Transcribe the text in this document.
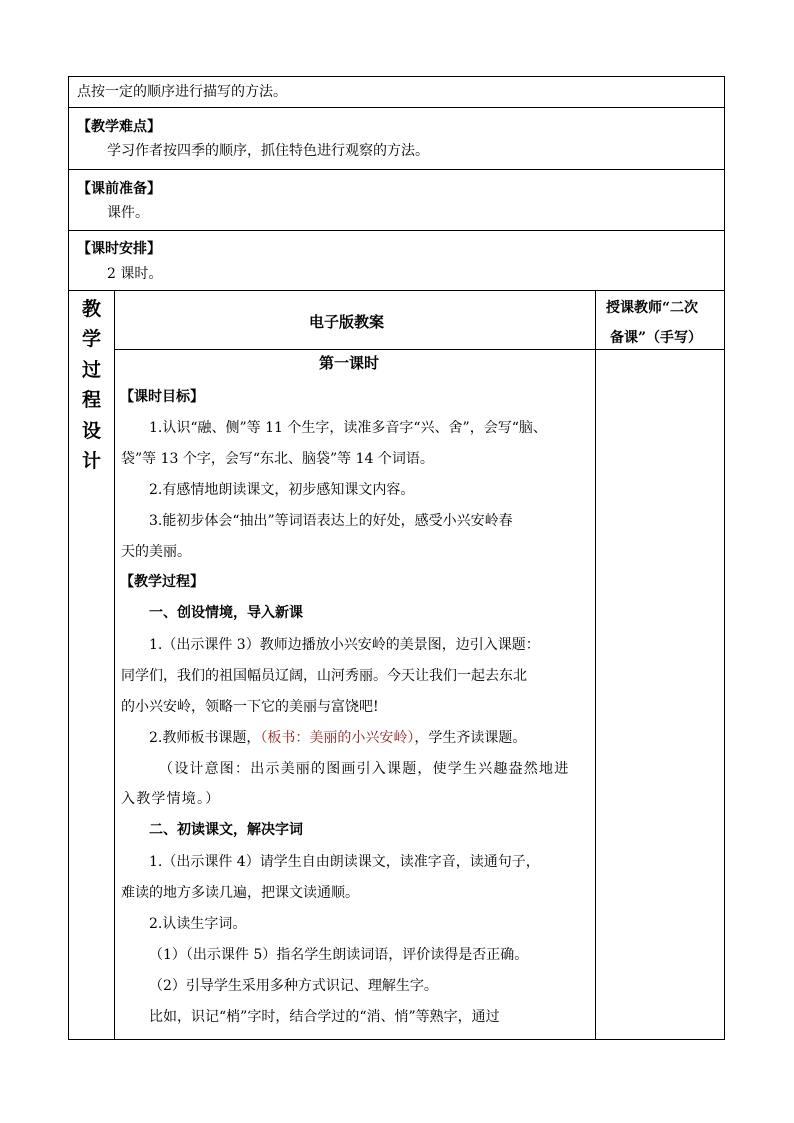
点按一定的顺序进行描写的方法。
【教学难点】
学习作者按四季的顺序，抓住特色进行观察的方法。
【课前准备】
课件。
【课时安排】
2 课时。
教
学
过
程
设
计
电子版教案
授课教师“二次
备课”（手写）
第一课时
【课时目标】
1.认识“融、侧”等 11 个生字，读准多音字“兴、舍”，会写“脑、
袋”等 13 个字，会写“东北、脑袋”等 14 个词语。
2.有感情地朗读课文，初步感知课文内容。
3.能初步体会“抽出”等词语表达上的好处，感受小兴安岭春
天的美丽。
【教学过程】
一、创设情境，导入新课
1.（出示课件 3）教师边播放小兴安岭的美景图，边引入课题：
同学们，我们的祖国幅员辽阔，山河秀丽。今天让我们一起去东北
的小兴安岭，领略一下它的美丽与富饶吧!
2.教师板书课题，（板书：美丽的小兴安岭），学生齐读课题。
（设计意图：出示美丽的图画引入课题，使学生兴趣盎然地进
入教学情境。）
二、初读课文，解决字词
1.（出示课件 4）请学生自由朗读课文，读准字音，读通句子，
难读的地方多读几遍，把课文读通顺。
2.认读生字词。
（1）（出示课件 5）指名学生朗读词语，评价读得是否正确。
（2）引导学生采用多种方式识记、理解生字。
比如，识记“梢”字时，结合学过的“消、悄”等熟字，通过
